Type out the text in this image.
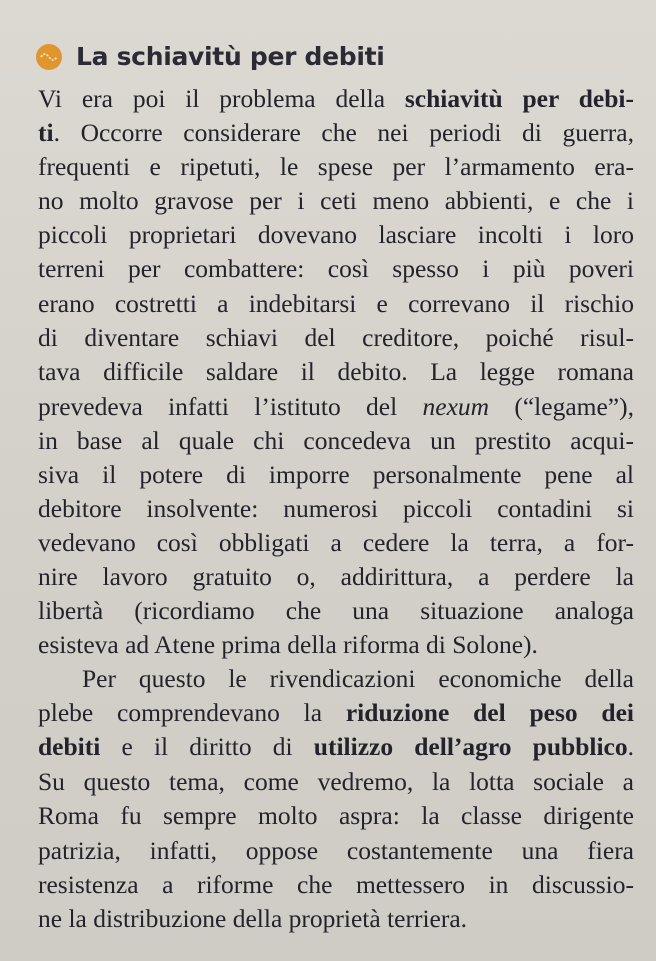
La schiavitù per debiti
Vi era poi il problema della schiavitù per debi-
ti. Occorre considerare che nei periodi di guerra,
frequenti e ripetuti, le spese per l’armamento era-
no molto gravose per i ceti meno abbienti, e che i
piccoli proprietari dovevano lasciare incolti i loro
terreni per combattere: così spesso i più poveri
erano costretti a indebitarsi e correvano il rischio
di diventare schiavi del creditore, poiché risul-
tava difficile saldare il debito. La legge romana
prevedeva infatti l’istituto del nexum (“legame”),
in base al quale chi concedeva un prestito acqui-
siva il potere di imporre personalmente pene al
debitore insolvente: numerosi piccoli contadini si
vedevano così obbligati a cedere la terra, a for-
nire lavoro gratuito o, addirittura, a perdere la
libertà (ricordiamo che una situazione analoga
esisteva ad Atene prima della riforma di Solone).
Per questo le rivendicazioni economiche della
plebe comprendevano la riduzione del peso dei
debiti e il diritto di utilizzo dell’agro pubblico.
Su questo tema, come vedremo, la lotta sociale a
Roma fu sempre molto aspra: la classe dirigente
patrizia, infatti, oppose costantemente una fiera
resistenza a riforme che mettessero in discussio-
ne la distribuzione della proprietà terriera.
